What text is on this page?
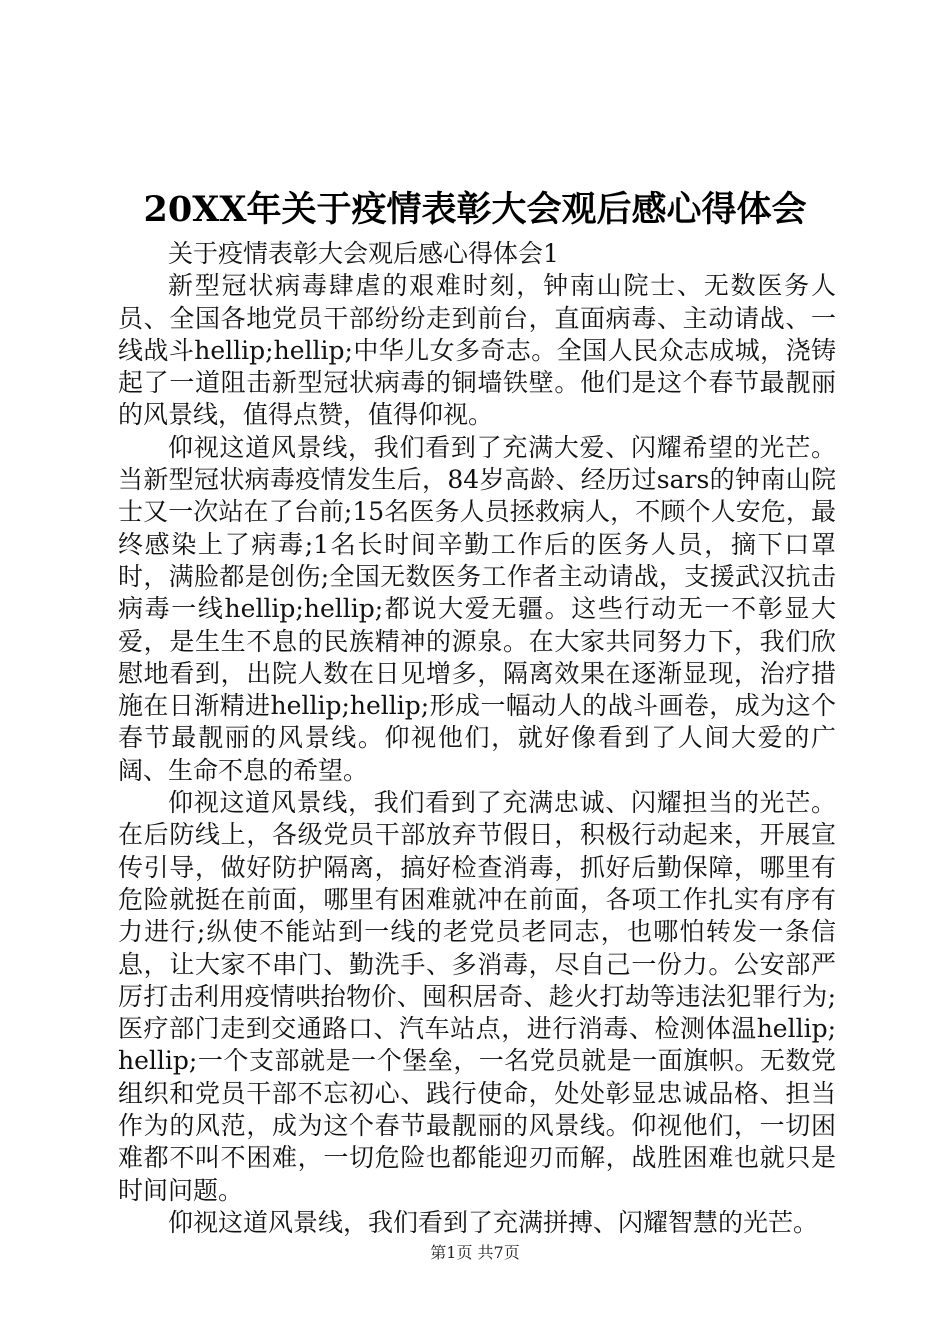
20XX年关于疫情表彰大会观后感心得体会

关于疫情表彰大会观后感心得体会1

新型冠状病毒肆虐的艰难时刻，钟南山院士、无数医务人员、全国各地党员干部纷纷走到前台，直面病毒、主动请战、一线战斗hellip;hellip;中华儿女多奇志。全国人民众志成城，浇铸起了一道阻击新型冠状病毒的铜墙铁壁。他们是这个春节最靓丽的风景线，值得点赞，值得仰视。

仰视这道风景线，我们看到了充满大爱、闪耀希望的光芒。当新型冠状病毒疫情发生后，84岁高龄、经历过sars的钟南山院士又一次站在了台前;15名医务人员拯救病人，不顾个人安危，最终感染上了病毒;1名长时间辛勤工作后的医务人员，摘下口罩时，满脸都是创伤;全国无数医务工作者主动请战，支援武汉抗击病毒一线hellip;hellip;都说大爱无疆。这些行动无一不彰显大爱，是生生不息的民族精神的源泉。在大家共同努力下，我们欣慰地看到，出院人数在日见增多，隔离效果在逐渐显现，治疗措施在日渐精进hellip;hellip;形成一幅动人的战斗画卷，成为这个春节最靓丽的风景线。仰视他们，就好像看到了人间大爱的广阔、生命不息的希望。

仰视这道风景线，我们看到了充满忠诚、闪耀担当的光芒。在后防线上，各级党员干部放弃节假日，积极行动起来，开展宣传引导，做好防护隔离，搞好检查消毒，抓好后勤保障，哪里有危险就挺在前面，哪里有困难就冲在前面，各项工作扎实有序有力进行;纵使不能站到一线的老党员老同志，也哪怕转发一条信息，让大家不串门、勤洗手、多消毒，尽自己一份力。公安部严厉打击利用疫情哄抬物价、囤积居奇、趁火打劫等违法犯罪行为;医疗部门走到交通路口、汽车站点，进行消毒、检测体温hellip;hellip;一个支部就是一个堡垒，一名党员就是一面旗帜。无数党组织和党员干部不忘初心、践行使命，处处彰显忠诚品格、担当作为的风范，成为这个春节最靓丽的风景线。仰视他们，一切困难都不叫不困难，一切危险也都能迎刃而解，战胜困难也就只是时间问题。

仰视这道风景线，我们看到了充满拼搏、闪耀智慧的光芒。

第1页 共7页
